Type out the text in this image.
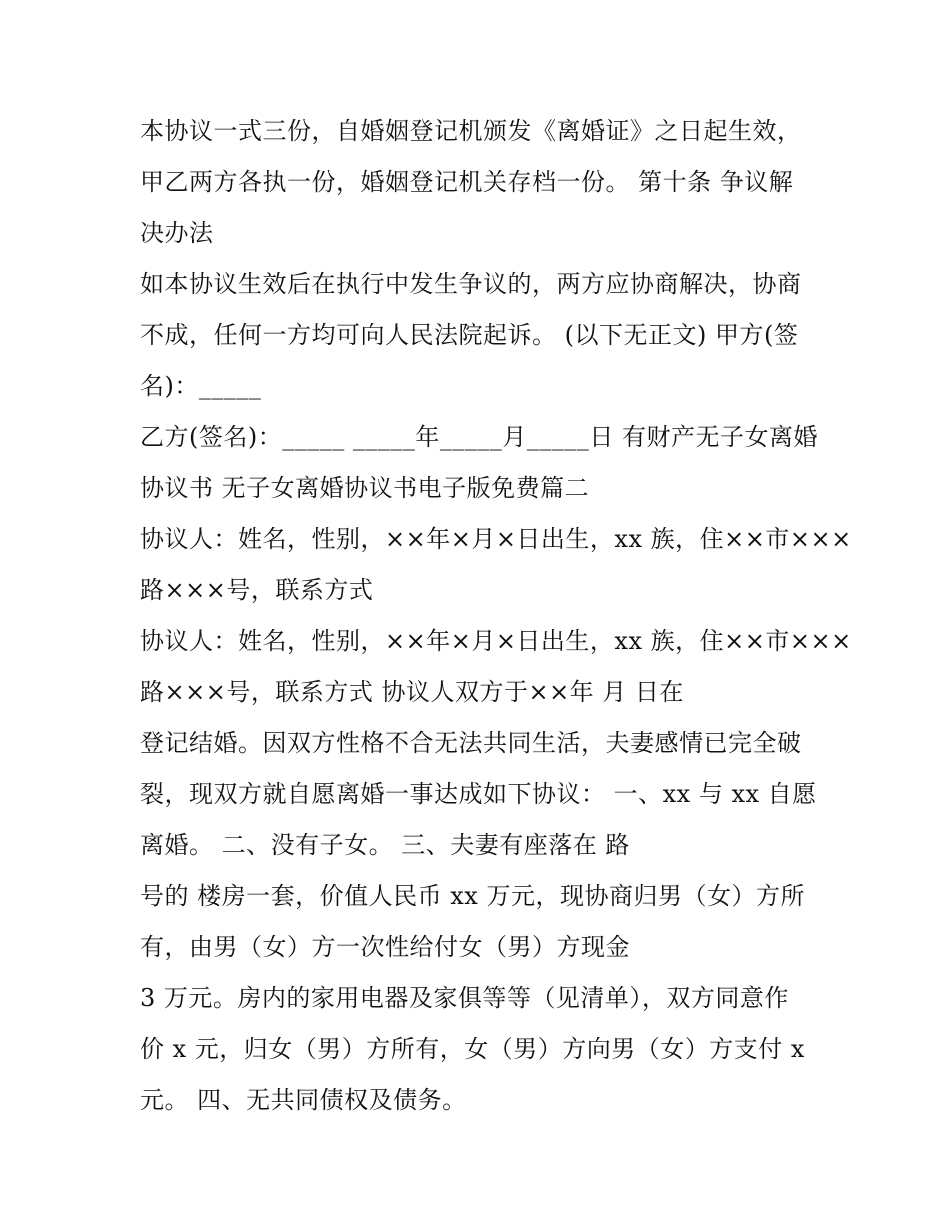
本协议一式三份，自婚姻登记机颁发《离婚证》之日起生效，
甲乙两方各执一份，婚姻登记机关存档一份。 第十条 争议解
决办法
如本协议生效后在执行中发生争议的，两方应协商解决，协商
不成，任何一方均可向人民法院起诉。 (以下无正文) 甲方(签
名)：_____
乙方(签名)：_____ _____年_____月_____日 有财产无子女离婚
协议书 无子女离婚协议书电子版免费篇二
协议人：姓名，性别，××年×月×日出生，xx 族，住××市×××
路×××号，联系方式
协议人：姓名，性别，××年×月×日出生，xx 族，住××市×××
路×××号，联系方式 协议人双方于××年 月 日在
登记结婚。因双方性格不合无法共同生活，夫妻感情已完全破
裂，现双方就自愿离婚一事达成如下协议： 一、xx 与 xx 自愿
离婚。 二、没有子女。 三、夫妻有座落在 路
号的 楼房一套，价值人民币 xx 万元，现协商归男（女）方所
有，由男（女）方一次性给付女（男）方现金
3 万元。房内的家用电器及家俱等等（见清单），双方同意作
价 x 元，归女（男）方所有，女（男）方向男（女）方支付 x
元。 四、无共同债权及债务。
